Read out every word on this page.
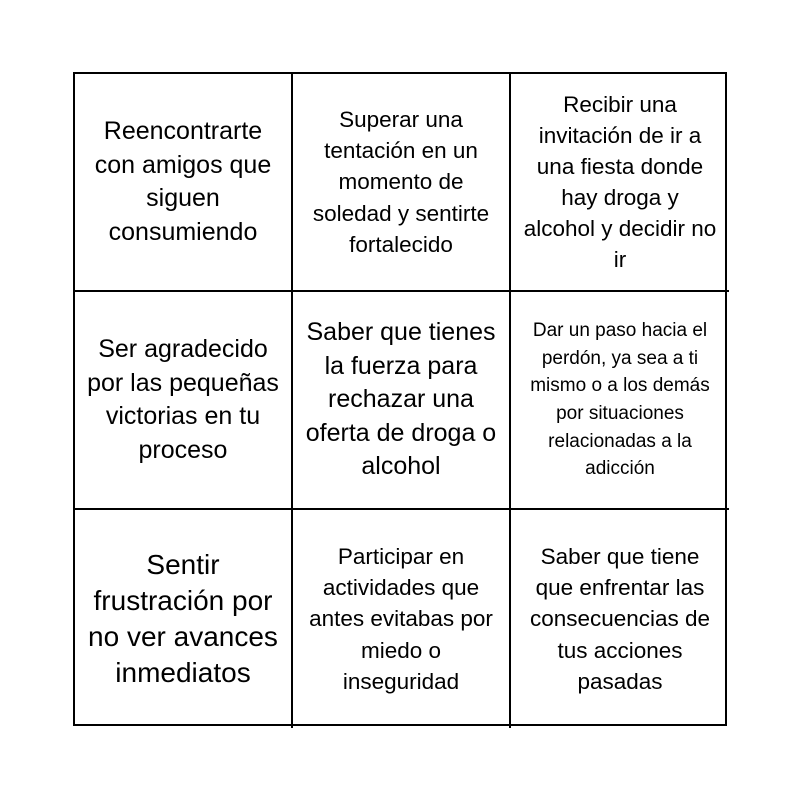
Reencontrarte con amigos que siguen consumiendo
Superar una tentación en un momento de soledad y sentirte fortalecido
Recibir una invitación de ir a una fiesta donde hay droga y alcohol y decidir no ir
Ser agradecido por las pequeñas victorias en tu proceso
Saber que tienes la fuerza para rechazar una oferta de droga o alcohol
Dar un paso hacia el perdón, ya sea a ti mismo o a los demás por situaciones relacionadas a la adicción
Sentir frustración por no ver avances inmediatos
Participar en actividades que antes evitabas por miedo o inseguridad
Saber que tiene que enfrentar las consecuencias de tus acciones pasadas
